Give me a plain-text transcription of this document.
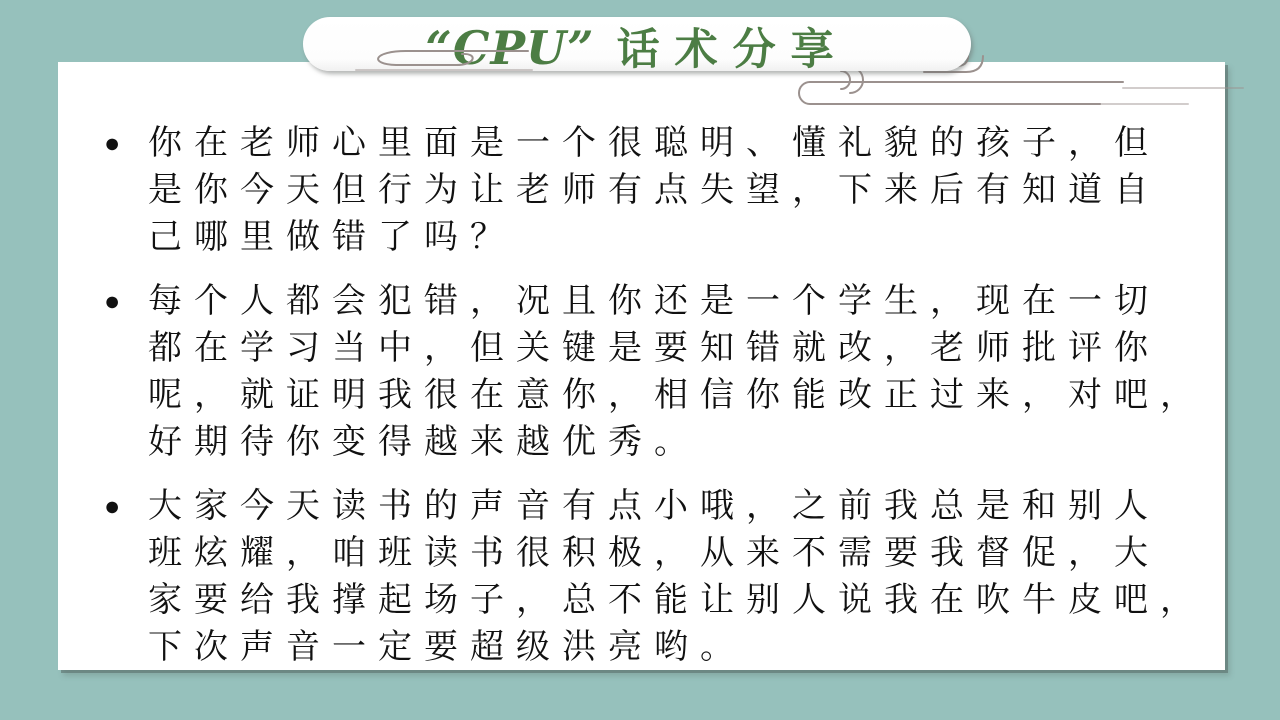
“CPU” 话术分享
● 你在老师心里面是一个很聪明、懂礼貌的孩子，但
是你今天但行为让老师有点失望，下来后有知道自
己哪里做错了吗？
● 每个人都会犯错，况且你还是一个学生，现在一切
都在学习当中，但关键是要知错就改，老师批评你
呢，就证明我很在意你，相信你能改正过来，对吧，
好期待你变得越来越优秀。
● 大家今天读书的声音有点小哦，之前我总是和别人
班炫耀，咱班读书很积极，从来不需要我督促，大
家要给我撑起场子，总不能让别人说我在吹牛皮吧，
下次声音一定要超级洪亮哟。
